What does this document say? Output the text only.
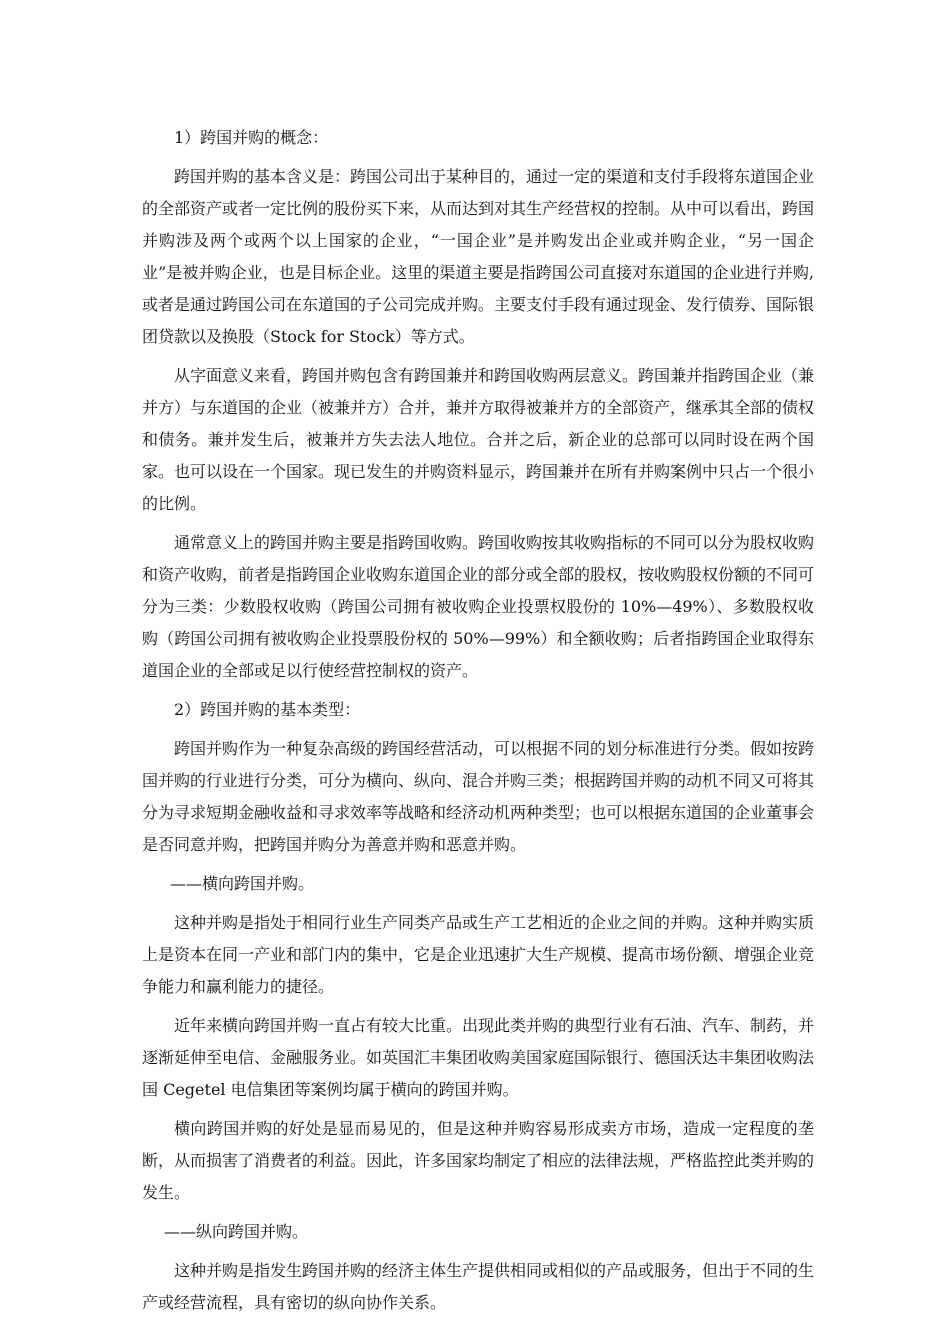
1）跨国并购的概念：

跨国并购的基本含义是：跨国公司出于某种目的，通过一定的渠道和支付手段将东道国企业的全部资产或者一定比例的股份买下来，从而达到对其生产经营权的控制。从中可以看出，跨国并购涉及两个或两个以上国家的企业，“一国企业”是并购发出企业或并购企业，“另一国企业”是被并购企业，也是目标企业。这里的渠道主要是指跨国公司直接对东道国的企业进行并购,或者是通过跨国公司在东道国的子公司完成并购。主要支付手段有通过现金、发行债券、国际银团贷款以及换股（Stock for Stock）等方式。

从字面意义来看，跨国并购包含有跨国兼并和跨国收购两层意义。跨国兼并指跨国企业（兼并方）与东道国的企业（被兼并方）合并，兼并方取得被兼并方的全部资产，继承其全部的债权和债务。兼并发生后，被兼并方失去法人地位。合并之后，新企业的总部可以同时设在两个国家。也可以设在一个国家。现已发生的并购资料显示，跨国兼并在所有并购案例中只占一个很小的比例。

通常意义上的跨国并购主要是指跨国收购。跨国收购按其收购指标的不同可以分为股权收购和资产收购，前者是指跨国企业收购东道国企业的部分或全部的股权，按收购股权份额的不同可分为三类：少数股权收购（跨国公司拥有被收购企业投票权股份的 10%—49%）、多数股权收购（跨国公司拥有被收购企业投票股份权的 50%—99%）和全额收购；后者指跨国企业取得东道国企业的全部或足以行使经营控制权的资产。

2）跨国并购的基本类型：

跨国并购作为一种复杂高级的跨国经营活动，可以根据不同的划分标准进行分类。假如按跨国并购的行业进行分类，可分为横向、纵向、混合并购三类；根据跨国并购的动机不同又可将其分为寻求短期金融收益和寻求效率等战略和经济动机两种类型；也可以根据东道国的企业董事会是否同意并购，把跨国并购分为善意并购和恶意并购。

——横向跨国并购。

这种并购是指处于相同行业生产同类产品或生产工艺相近的企业之间的并购。这种并购实质上是资本在同一产业和部门内的集中，它是企业迅速扩大生产规模、提高市场份额、增强企业竞争能力和赢利能力的捷径。

近年来横向跨国并购一直占有较大比重。出现此类并购的典型行业有石油、汽车、制药，并逐渐延伸至电信、金融服务业。如英国汇丰集团收购美国家庭国际银行、德国沃达丰集团收购法国 Cegetel 电信集团等案例均属于横向的跨国并购。

横向跨国并购的好处是显而易见的，但是这种并购容易形成卖方市场，造成一定程度的垄断，从而损害了消费者的利益。因此，许多国家均制定了相应的法律法规，严格监控此类并购的发生。

——纵向跨国并购。

这种并购是指发生跨国并购的经济主体生产提供相同或相似的产品或服务，但出于不同的生产或经营流程，具有密切的纵向协作关系。
